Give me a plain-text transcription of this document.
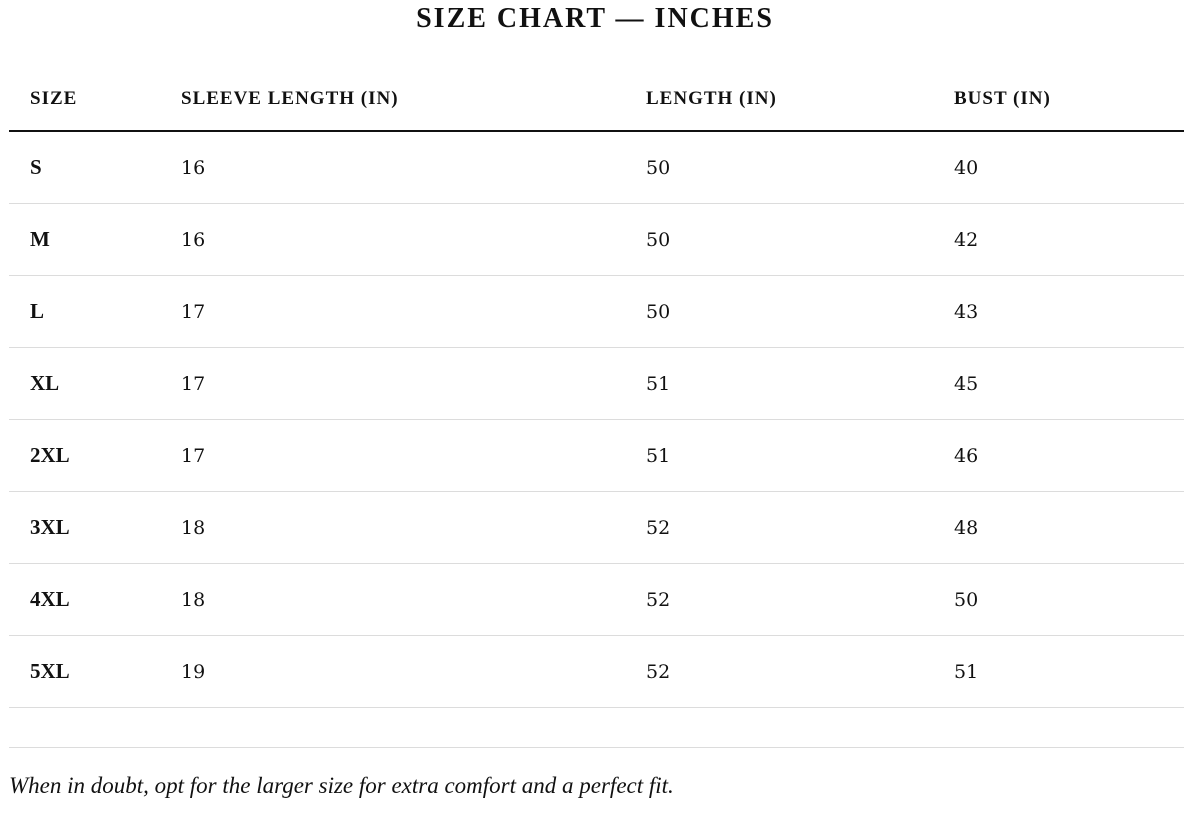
SIZE CHART — INCHES
SIZE	SLEEVE LENGTH (IN)	LENGTH (IN)	BUST (IN)
S	16	50	40
M	16	50	42
L	17	50	43
XL	17	51	45
2XL	17	51	46
3XL	18	52	48
4XL	18	52	50
5XL	19	52	51
When in doubt, opt for the larger size for extra comfort and a perfect fit.
